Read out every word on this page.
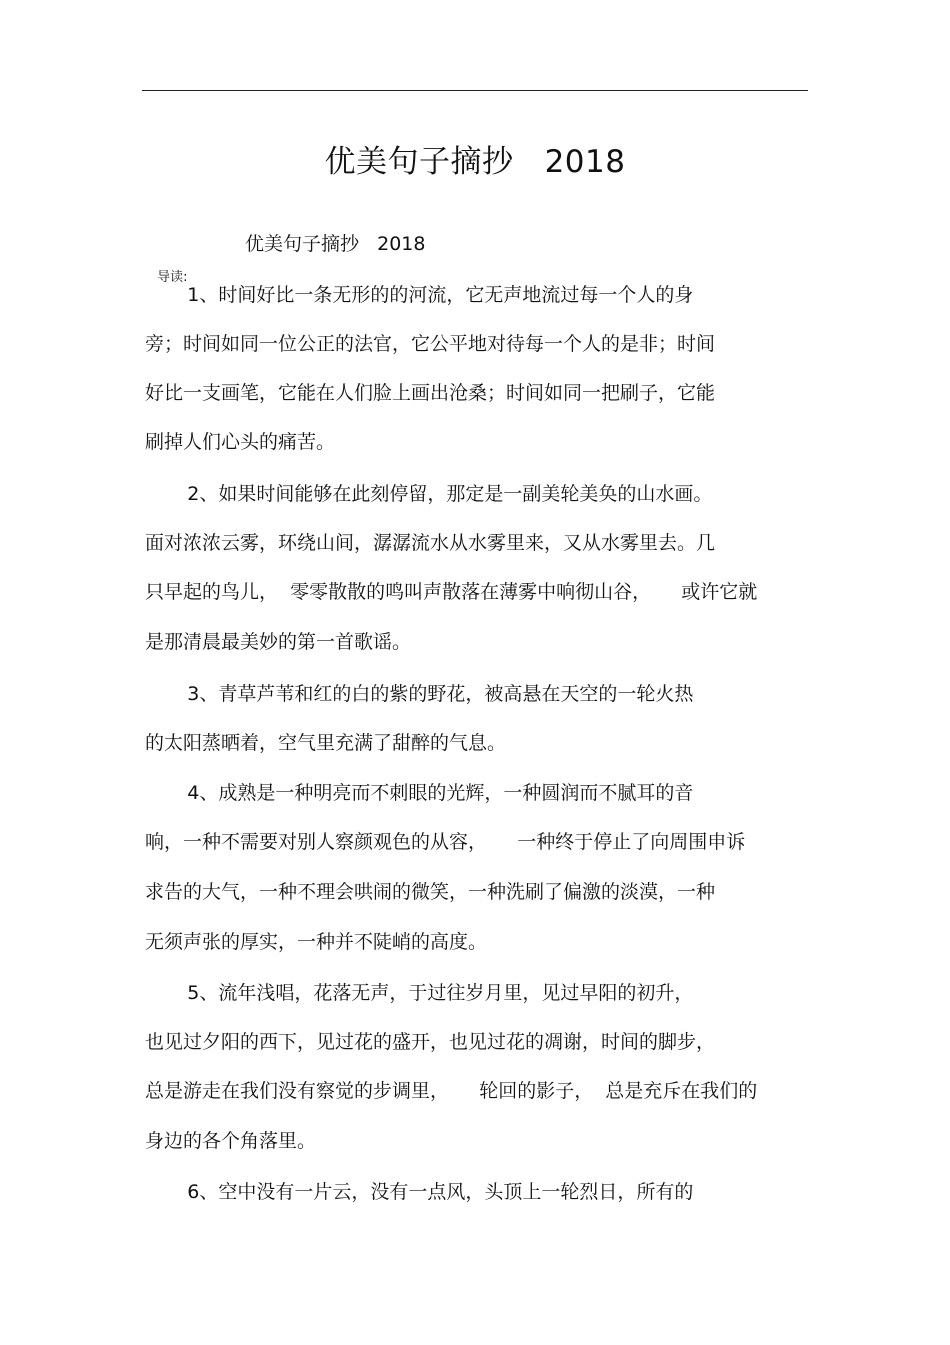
优美句子摘抄   2018

导读:

优美句子摘抄   2018

1、时间好比一条无形的的河流，它无声地流过每一个人的身
旁；时间如同一位公正的法官，它公平地对待每一个人的是非；时间
好比一支画笔，它能在人们脸上画出沧桑；时间如同一把刷子，它能
刷掉人们心头的痛苦。
2、如果时间能够在此刻停留，那定是一副美轮美奂的山水画。
面对浓浓云雾，环绕山间，潺潺流水从水雾里来，又从水雾里去。几
只早起的鸟儿，  零零散散的鸣叫声散落在薄雾中响彻山谷，     或许它就
是那清晨最美妙的第一首歌谣。
3、青草芦苇和红的白的紫的野花，被高悬在天空的一轮火热
的太阳蒸晒着，空气里充满了甜醉的气息。
4、成熟是一种明亮而不刺眼的光辉，一种圆润而不腻耳的音
响，一种不需要对别人察颜观色的从容，     一种终于停止了向周围申诉
求告的大气，一种不理会哄闹的微笑，一种洗刷了偏激的淡漠，一种
无须声张的厚实，一种并不陡峭的高度。
5、流年浅唱，花落无声，于过往岁月里，见过早阳的初升，
也见过夕阳的西下，见过花的盛开，也见过花的凋谢，时间的脚步，
总是游走在我们没有察觉的步调里，     轮回的影子，  总是充斥在我们的
身边的各个角落里。
6、空中没有一片云，没有一点风，头顶上一轮烈日，所有的
